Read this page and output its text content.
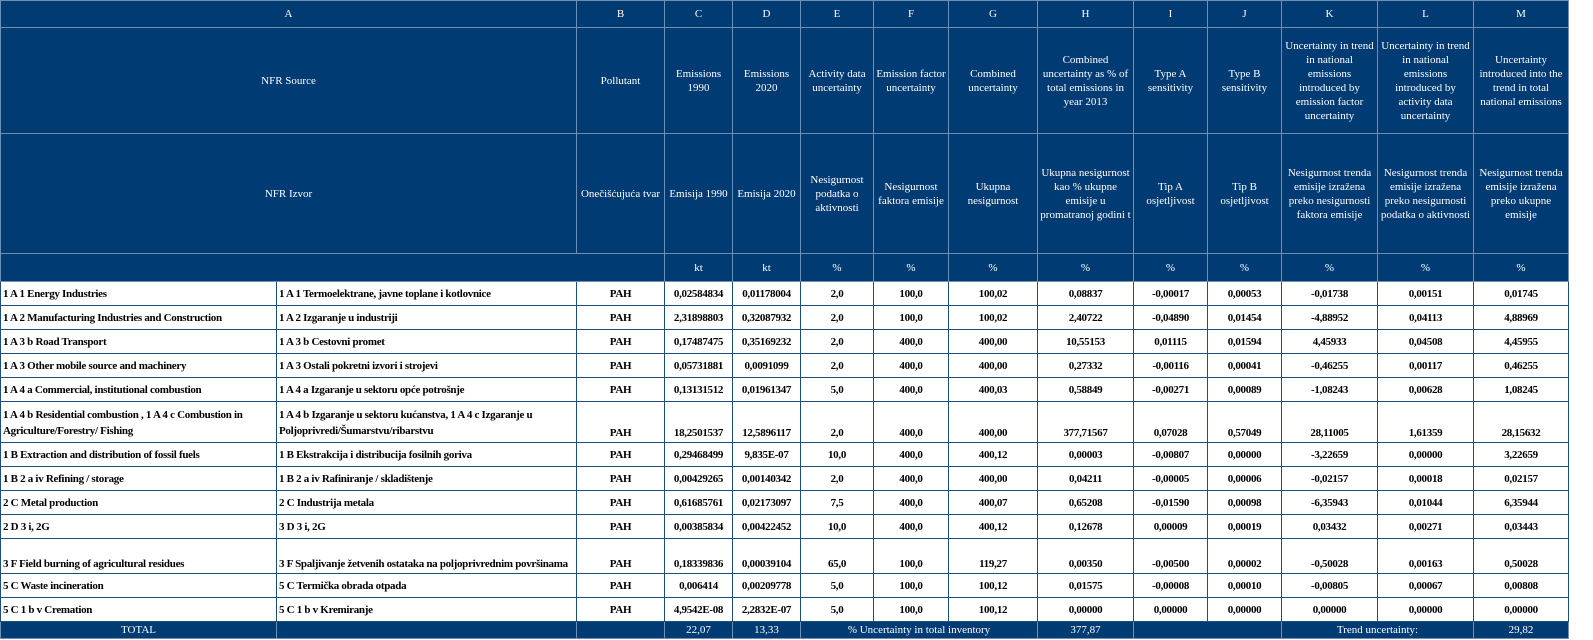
A		B	C	D	E	F	G	H	I	J	K	L	M
NFR Source		Pollutant	Emissions 1990	Emissions 2020	Activity data uncertainty	Emission factor uncertainty	Combined uncertainty	Combined uncertainty as % of total emissions in year 2013	Type A sensitivity	Type B sensitivity	Uncertainty in trend in national emissions introduced by emission factor uncertainty	Uncertainty in trend in national emissions introduced by activity data uncertainty	Uncertainty introduced into the trend in total national emissions
NFR Izvor		Onečišćujuća tvar	Emisija 1990	Emisija 2020	Nesigurnost podatka o aktivnosti	Nesigurnost faktora emisije	Ukupna nesigurnost	Ukupna nesigurnost kao % ukupne emisije u promatranoj godini t	Tip A osjetljivost	Tip B osjetljivost	Nesigurnost trenda emisije izražena preko nesigurnosti faktora emisije	Nesigurnost trenda emisije izražena preko nesigurnosti podatka o aktivnosti	Nesigurnost trenda emisije izražena preko ukupne emisije
			kt	kt	%	%	%	%	%	%	%	%	%
1 A 1 Energy Industries	1 A 1 Termoelektrane, javne toplane i kotlovnice	PAH	0,02584834	0,01178004	2,0	100,0	100,02	0,08837	-0,00017	0,00053	-0,01738	0,00151	0,01745
1 A 2 Manufacturing Industries and Construction	1 A 2 Izgaranje u industriji	PAH	2,31898803	0,32087932	2,0	100,0	100,02	2,40722	-0,04890	0,01454	-4,88952	0,04113	4,88969
1 A 3 b Road Transport	1 A 3 b Cestovni promet	PAH	0,17487475	0,35169232	2,0	400,0	400,00	10,55153	0,01115	0,01594	4,45933	0,04508	4,45955
1 A 3 Other mobile source and machinery	1 A 3 Ostali pokretni izvori i strojevi	PAH	0,05731881	0,0091099	2,0	400,0	400,00	0,27332	-0,00116	0,00041	-0,46255	0,00117	0,46255
1 A 4 a Commercial, institutional combustion	1 A 4 a Izgaranje u sektoru opće potrošnje	PAH	0,13131512	0,01961347	5,0	400,0	400,03	0,58849	-0,00271	0,00089	-1,08243	0,00628	1,08245
1 A 4 b Residential combustion , 1 A 4 c Combustion in Agriculture/Forestry/ Fishing	1 A 4 b Izgaranje u sektoru kućanstva, 1 A 4 c Izgaranje u Poljoprivredi/Šumarstvu/ribarstvu	PAH	18,2501537	12,5896117	2,0	400,0	400,00	377,71567	0,07028	0,57049	28,11005	1,61359	28,15632
1 B Extraction and distribution of fossil fuels	1 B Ekstrakcija i distribucija fosilnih goriva	PAH	0,29468499	9,835E-07	10,0	400,0	400,12	0,00003	-0,00807	0,00000	-3,22659	0,00000	3,22659
1 B 2 a iv Refining / storage	1 B 2 a iv Rafiniranje / skladištenje	PAH	0,00429265	0,00140342	2,0	400,0	400,00	0,04211	-0,00005	0,00006	-0,02157	0,00018	0,02157
2 C Metal production	2 C Industrija metala	PAH	0,61685761	0,02173097	7,5	400,0	400,07	0,65208	-0,01590	0,00098	-6,35943	0,01044	6,35944
2 D 3 i, 2G	3 D 3 i, 2G	PAH	0,00385834	0,00422452	10,0	400,0	400,12	0,12678	0,00009	0,00019	0,03432	0,00271	0,03443
3 F Field burning of agricultural residues	3 F Spaljivanje žetvenih ostataka na poljoprivrednim površinama	PAH	0,18339836	0,00039104	65,0	100,0	119,27	0,00350	-0,00500	0,00002	-0,50028	0,00163	0,50028
5 C Waste incineration	5 C Termička obrada otpada	PAH	0,006414	0,00209778	5,0	100,0	100,12	0,01575	-0,00008	0,00010	-0,00805	0,00067	0,00808
5 C 1 b v Cremation	5 C 1 b v Kremiranje	PAH	4,9542E-08	2,2832E-07	5,0	100,0	100,12	0,00000	0,00000	0,00000	0,00000	0,00000	0,00000
TOTAL			22,07	13,33	% Uncertainty in total inventory			377,87			Trend uncertainty:		29,82
